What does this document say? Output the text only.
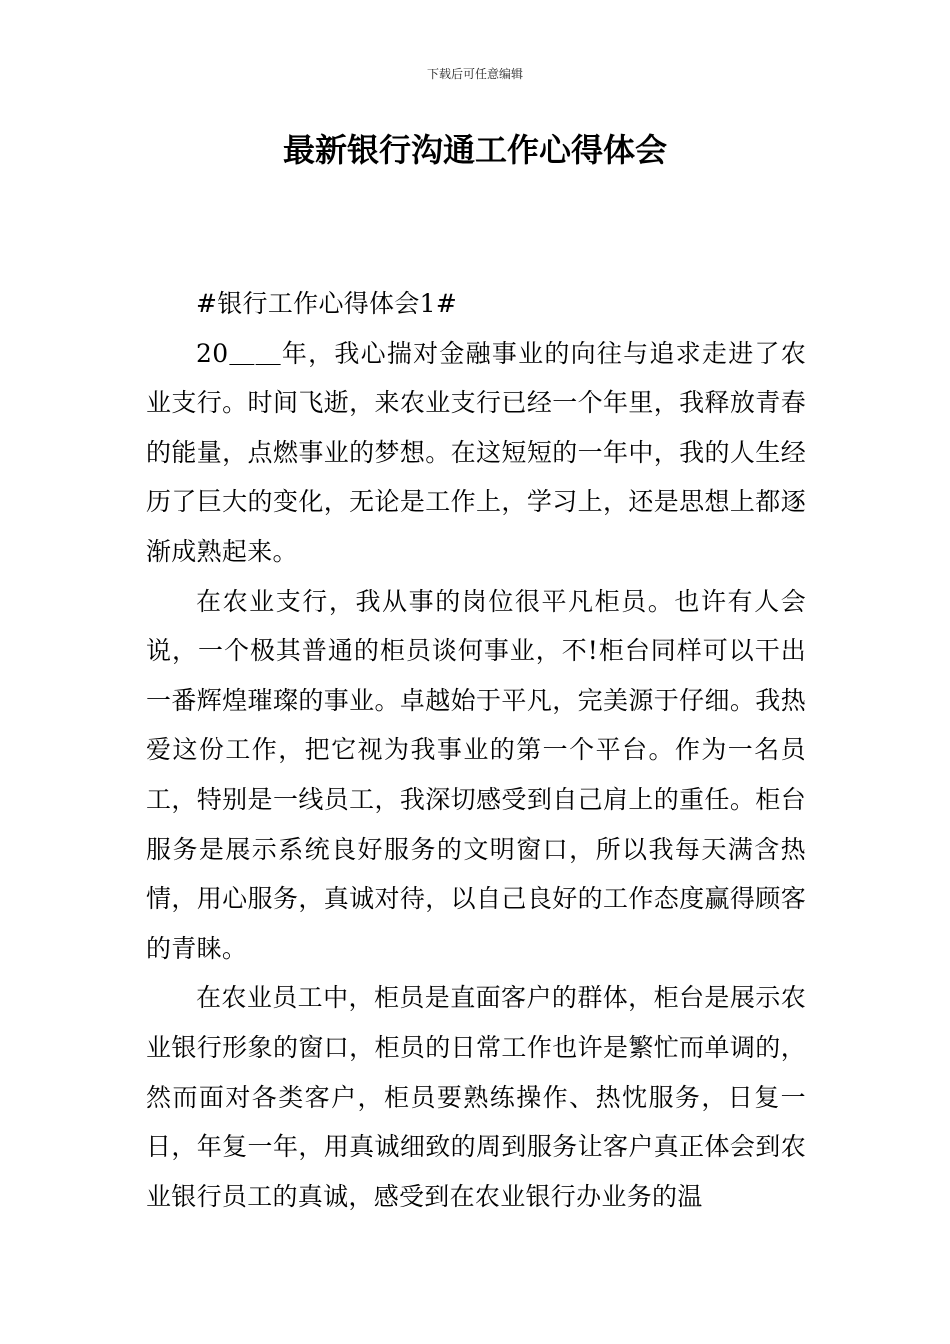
下载后可任意编辑
最新银行沟通工作心得体会

#银行工作心得体会1#

20＿＿年，我心揣对金融事业的向往与追求走进了农业支行。时间飞逝，来农业支行已经一个年里，我释放青春的能量，点燃事业的梦想。在这短短的一年中，我的人生经历了巨大的变化，无论是工作上，学习上，还是思想上都逐渐成熟起来。

在农业支行，我从事的岗位很平凡柜员。也许有人会说，一个极其普通的柜员谈何事业，不!柜台同样可以干出一番辉煌璀璨的事业。卓越始于平凡，完美源于仔细。我热爱这份工作，把它视为我事业的第一个平台。作为一名员工，特别是一线员工，我深切感受到自己肩上的重任。柜台服务是展示系统良好服务的文明窗口，所以我每天满含热情，用心服务，真诚对待，以自己良好的工作态度赢得顾客的青睐。

在农业员工中，柜员是直面客户的群体，柜台是展示农业银行形象的窗口，柜员的日常工作也许是繁忙而单调的，然而面对各类客户，柜员要熟练操作、热忱服务，日复一日，年复一年，用真诚细致的周到服务让客户真正体会到农业银行员工的真诚，感受到在农业银行办业务的温
